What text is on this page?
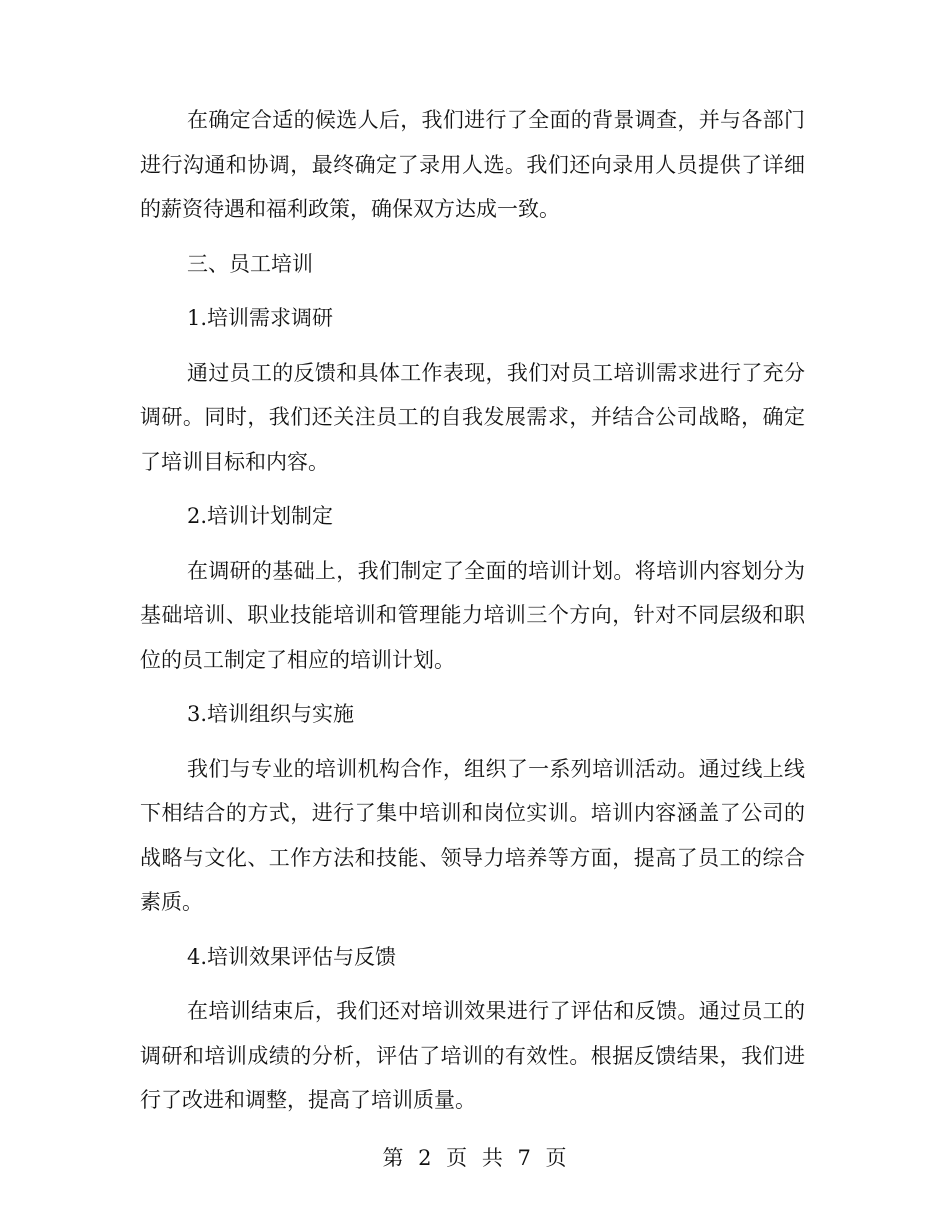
在确定合适的候选人后，我们进行了全面的背景调查，并与各部门进行沟通和协调，最终确定了录用人选。我们还向录用人员提供了详细的薪资待遇和福利政策，确保双方达成一致。

三、员工培训

1.培训需求调研

通过员工的反馈和具体工作表现，我们对员工培训需求进行了充分调研。同时，我们还关注员工的自我发展需求，并结合公司战略，确定了培训目标和内容。

2.培训计划制定

在调研的基础上，我们制定了全面的培训计划。将培训内容划分为基础培训、职业技能培训和管理能力培训三个方向，针对不同层级和职位的员工制定了相应的培训计划。

3.培训组织与实施

我们与专业的培训机构合作，组织了一系列培训活动。通过线上线下相结合的方式，进行了集中培训和岗位实训。培训内容涵盖了公司的战略与文化、工作方法和技能、领导力培养等方面，提高了员工的综合素质。

4.培训效果评估与反馈

在培训结束后，我们还对培训效果进行了评估和反馈。通过员工的调研和培训成绩的分析，评估了培训的有效性。根据反馈结果，我们进行了改进和调整，提高了培训质量。

第 2 页 共 7 页
